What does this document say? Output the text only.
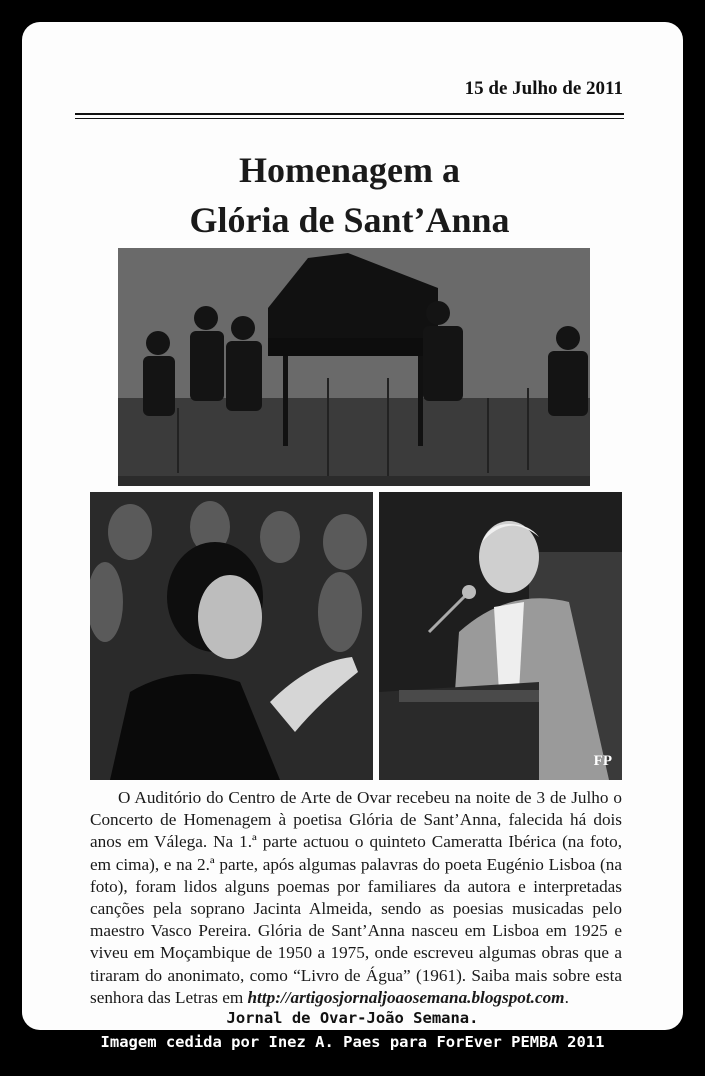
15 de Julho de 2011
Homenagem a
Glória de Sant’Anna
FP

O Auditório do Centro de Arte de Ovar recebeu na noite de 3 de Julho o Concerto de Homenagem à poetisa Glória de Sant’Anna, falecida há dois anos em Válega. Na 1.ª parte actuou o quinteto Cameratta Ibérica (na foto, em cima), e na 2.ª parte, após algumas palavras do poeta Eugénio Lisboa (na foto), foram lidos alguns poemas por familiares da autora e interpretadas canções pela soprano Jacinta Almeida, sendo as poesias musicadas pelo maestro Vasco Pereira. Glória de Sant’Anna nasceu em Lisboa em 1925 e viveu em Moçambique de 1950 a 1975, onde escreveu algumas obras que a tiraram do anonimato, como “Livro de Água” (1961). Saiba mais sobre esta senhora das Letras em http://artigosjornaljoaosemana.blogspot.com.

Jornal de Ovar-João Semana.
Imagem cedida por Inez A. Paes para ForEver PEMBA 2011
